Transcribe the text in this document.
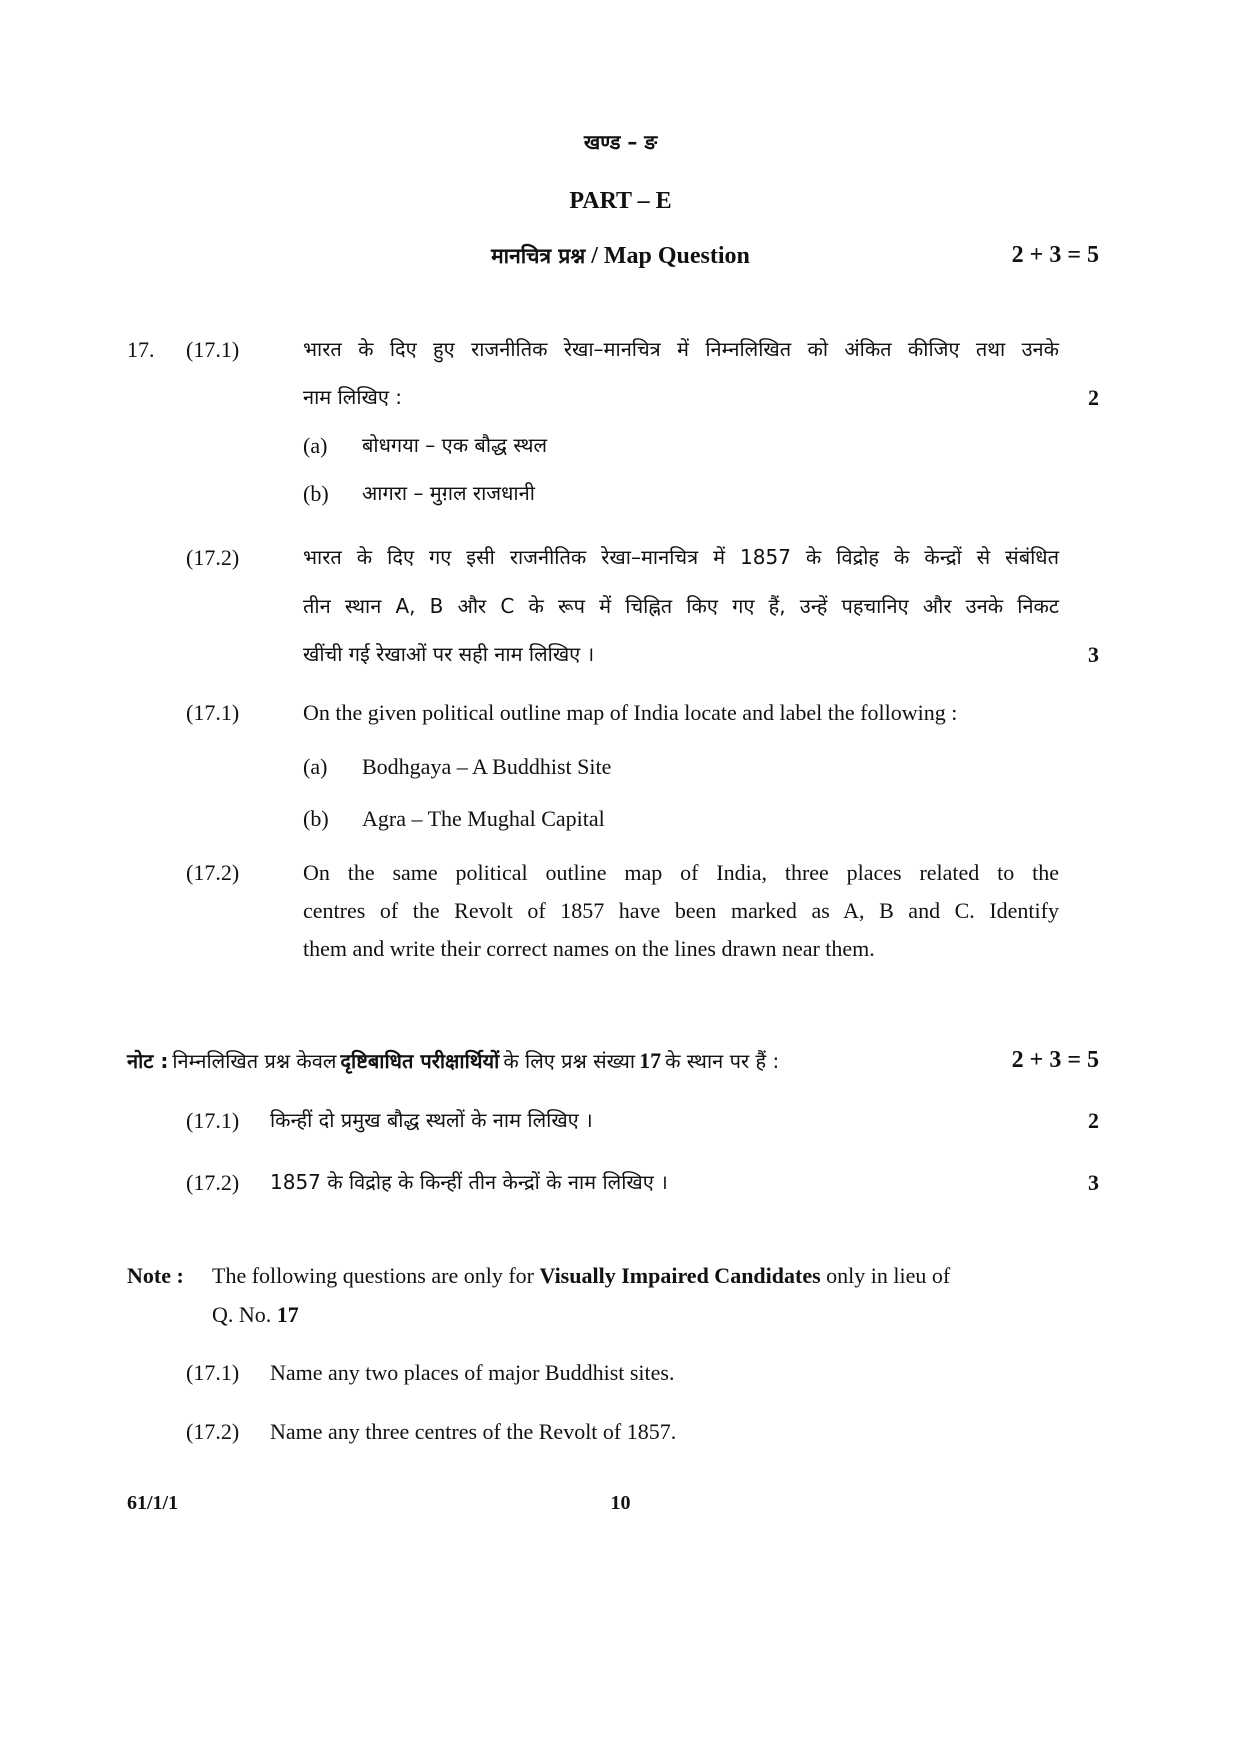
खण्ड – ङ
PART – E
मानचित्र प्रश्न / Map Question	2 + 3 = 5
17. (17.1)	भारत के दिए हुए राजनीतिक रेखा–मानचित्र में निम्नलिखित को अंकित कीजिए तथा उनके
नाम लिखिए :	2
(a) बोधगया – एक बौद्ध स्थल
(b) आगरा – मुग़ल राजधानी
(17.2)	भारत के दिए गए इसी राजनीतिक रेखा–मानचित्र में 1857 के विद्रोह के केन्द्रों से संबंधित
तीन स्थान A, B और C के रूप में चिह्नित किए गए हैं, उन्हें पहचानिए और उनके निकट
खींची गई रेखाओं पर सही नाम लिखिए ।	3
(17.1)	On the given political outline map of India locate and label the following :
(a) Bodhgaya – A Buddhist Site
(b) Agra – The Mughal Capital
(17.2)	On the same political outline map of India, three places related to the
centres of the Revolt of 1857 have been marked as A, B and C. Identify
them and write their correct names on the lines drawn near them.
नोट : निम्नलिखित प्रश्न केवल दृष्टिबाधित परीक्षार्थियों के लिए प्रश्न संख्या 17 के स्थान पर हैं :	2 + 3 = 5
(17.1) किन्हीं दो प्रमुख बौद्ध स्थलों के नाम लिखिए ।	2
(17.2) 1857 के विद्रोह के किन्हीं तीन केन्द्रों के नाम लिखिए ।	3
Note : The following questions are only for Visually Impaired Candidates only in lieu of
Q. No. 17
(17.1) Name any two places of major Buddhist sites.
(17.2) Name any three centres of the Revolt of 1857.
61/1/1	10
